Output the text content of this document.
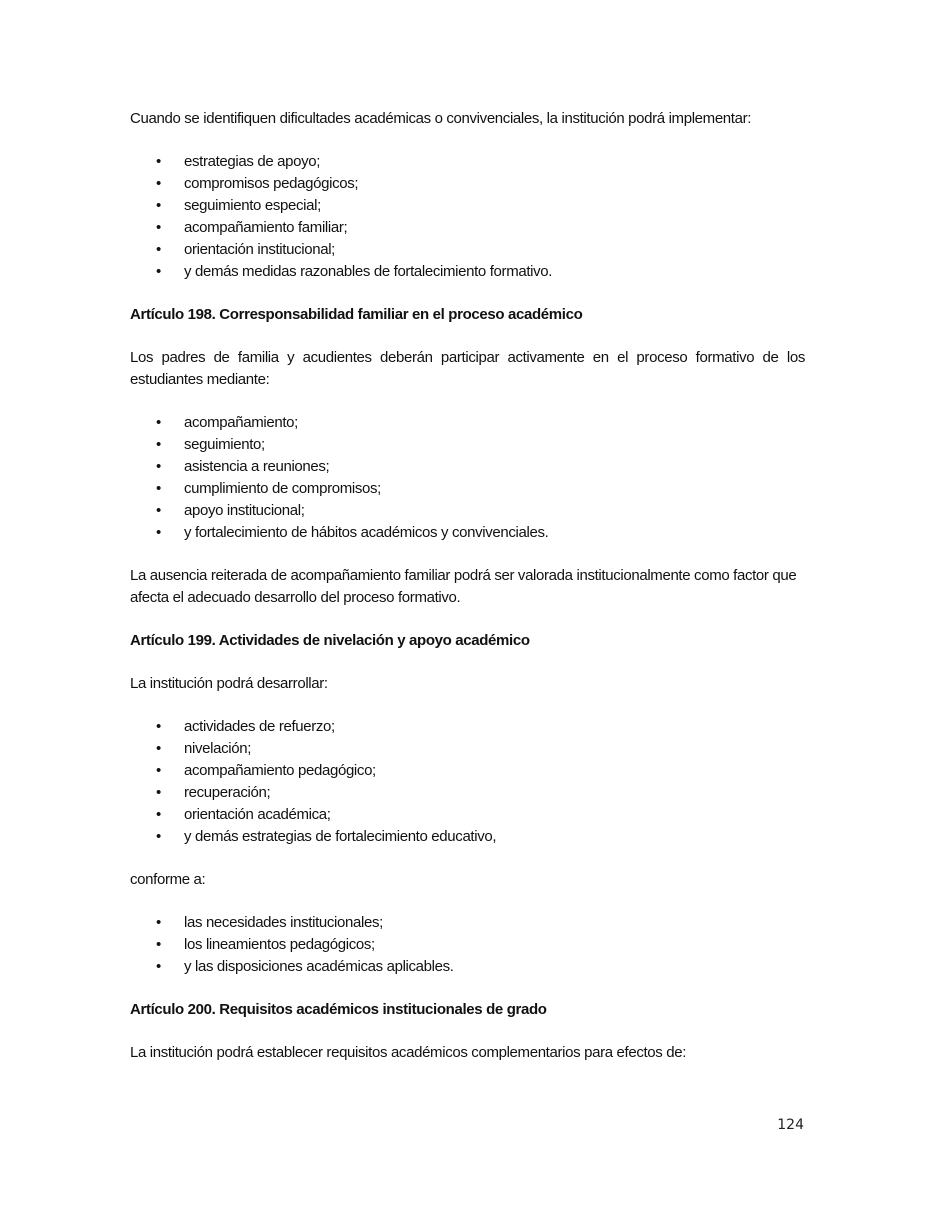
Cuando se identifiquen dificultades académicas o convivenciales, la institución podrá implementar:

• estrategias de apoyo;
• compromisos pedagógicos;
• seguimiento especial;
• acompañamiento familiar;
• orientación institucional;
• y demás medidas razonables de fortalecimiento formativo.

Artículo 198. Corresponsabilidad familiar en el proceso académico

Los padres de familia y acudientes deberán participar activamente en el proceso formativo de los estudiantes mediante:

• acompañamiento;
• seguimiento;
• asistencia a reuniones;
• cumplimiento de compromisos;
• apoyo institucional;
• y fortalecimiento de hábitos académicos y convivenciales.

La ausencia reiterada de acompañamiento familiar podrá ser valorada institucionalmente como factor que afecta el adecuado desarrollo del proceso formativo.

Artículo 199. Actividades de nivelación y apoyo académico

La institución podrá desarrollar:

• actividades de refuerzo;
• nivelación;
• acompañamiento pedagógico;
• recuperación;
• orientación académica;
• y demás estrategias de fortalecimiento educativo,

conforme a:

• las necesidades institucionales;
• los lineamientos pedagógicos;
• y las disposiciones académicas aplicables.

Artículo 200. Requisitos académicos institucionales de grado

La institución podrá establecer requisitos académicos complementarios para efectos de:

124
